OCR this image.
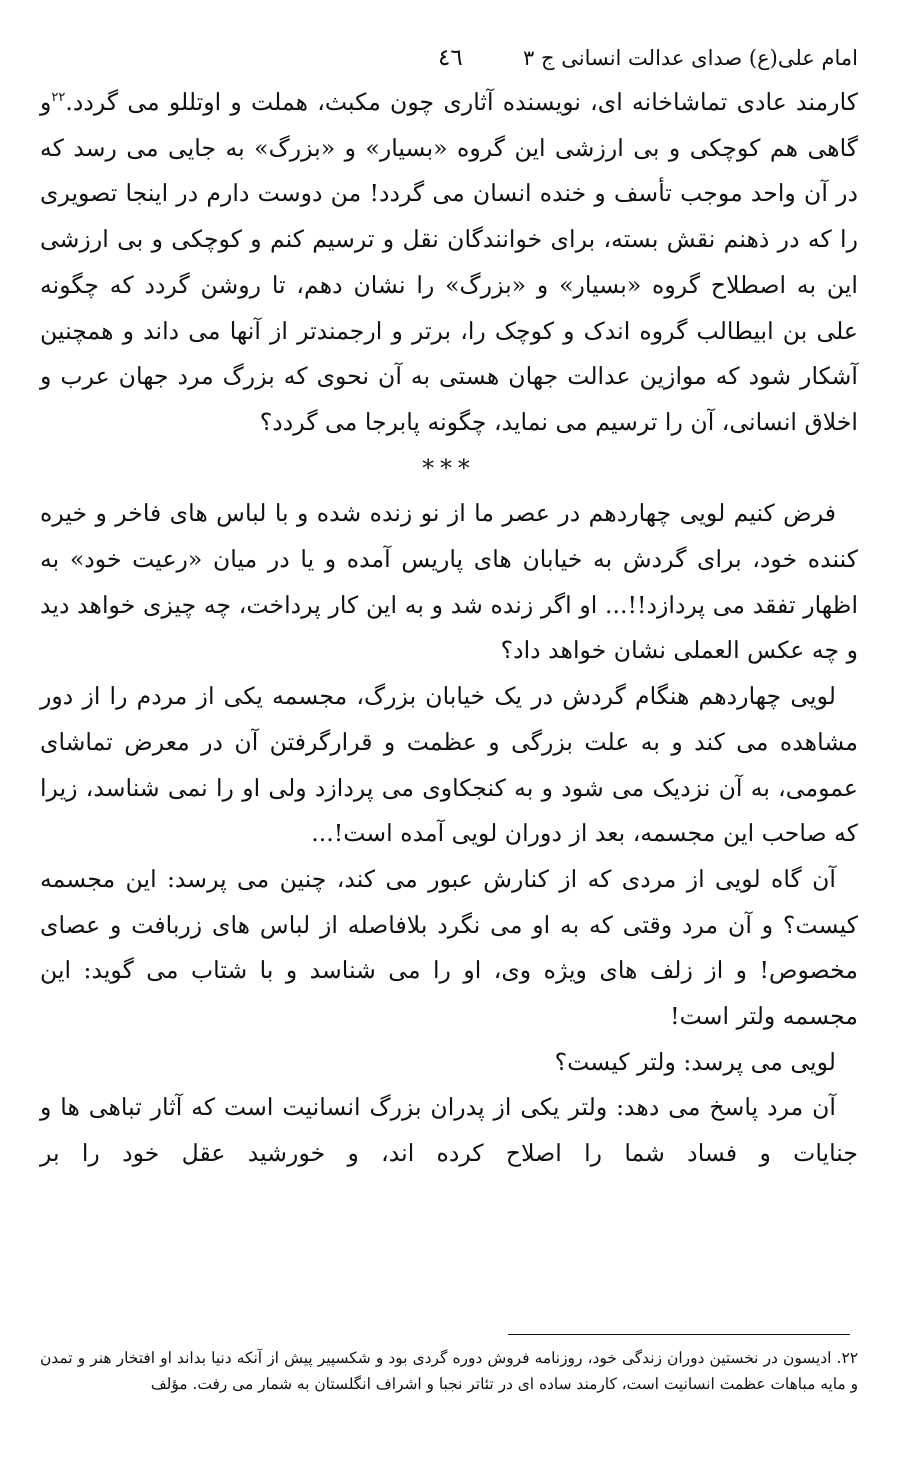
امام علی(ع) صدای عدالت انسانی ج ۳
٤٦

کارمند عادی تماشاخانه ای، نویسنده آثاری چون مکبث، هملت و اوتللو می گردد.$^{۲۲}$و گاهی هم کوچکی و بی ارزشی این گروه «بسیار» و «بزرگ» به جایی می رسد که در آن واحد موجب تأسف و خنده انسان می گردد! من دوست دارم در اینجا تصویری را که در ذهنم نقش بسته، برای خوانندگان نقل و ترسیم کنم و کوچکی و بی ارزشی این به اصطلاح گروه «بسیار» و «بزرگ» را نشان دهم، تا روشن گردد که چگونه علی بن ابیطالب گروه اندک و کوچک را، برتر و ارجمندتر از آنها می داند و همچنین آشکار شود که موازین عدالت جهان هستی به آن نحوی که بزرگ مرد جهان عرب و اخلاق انسانی، آن را ترسیم می نماید، چگونه پابرجا می گردد؟

***

فرض کنیم لویی چهاردهم در عصر ما از نو زنده شده و با لباس های فاخر و خیره کننده خود، برای گردش به خیابان های پاریس آمده و یا در میان «رعیت خود» به اظهار تفقد می پردازد!!... او اگر زنده شد و به این کار پرداخت، چه چیزی خواهد دید و چه عکس العملی نشان خواهد داد؟

لویی چهاردهم هنگام گردش در یک خیابان بزرگ، مجسمه یکی از مردم را از دور مشاهده می کند و به علت بزرگی و عظمت و قرارگرفتن آن در معرض تماشای عمومی، به آن نزدیک می شود و به کنجکاوی می پردازد ولی او را نمی شناسد، زیرا که صاحب این مجسمه، بعد از دوران لویی آمده است!...

آن گاه لویی از مردی که از کنارش عبور می کند، چنین می پرسد: این مجسمه کیست؟ و آن مرد وقتی که به او می نگرد بلافاصله از لباس های زربافت و عصای مخصوص! و از زلف های ویژه وی، او را می شناسد و با شتاب می گوید: این مجسمه ولتر است!

لویی می پرسد: ولتر کیست؟

آن مرد پاسخ می دهد: ولتر یکی از پدران بزرگ انسانیت است که آثار تباهی ها و جنایات و فساد شما را اصلاح کرده اند، و خورشید عقل خود را بر

۲۲. ادیسون در نخستین دوران زندگی خود، روزنامه فروش دوره گردی بود و شکسپیر پیش از آنکه دنیا بداند او افتخار هنر و تمدن و مایه مباهات عظمت انسانیت است، کارمند ساده ای در تئاتر نجبا و اشراف انگلستان به شمار می رفت. مؤلف
